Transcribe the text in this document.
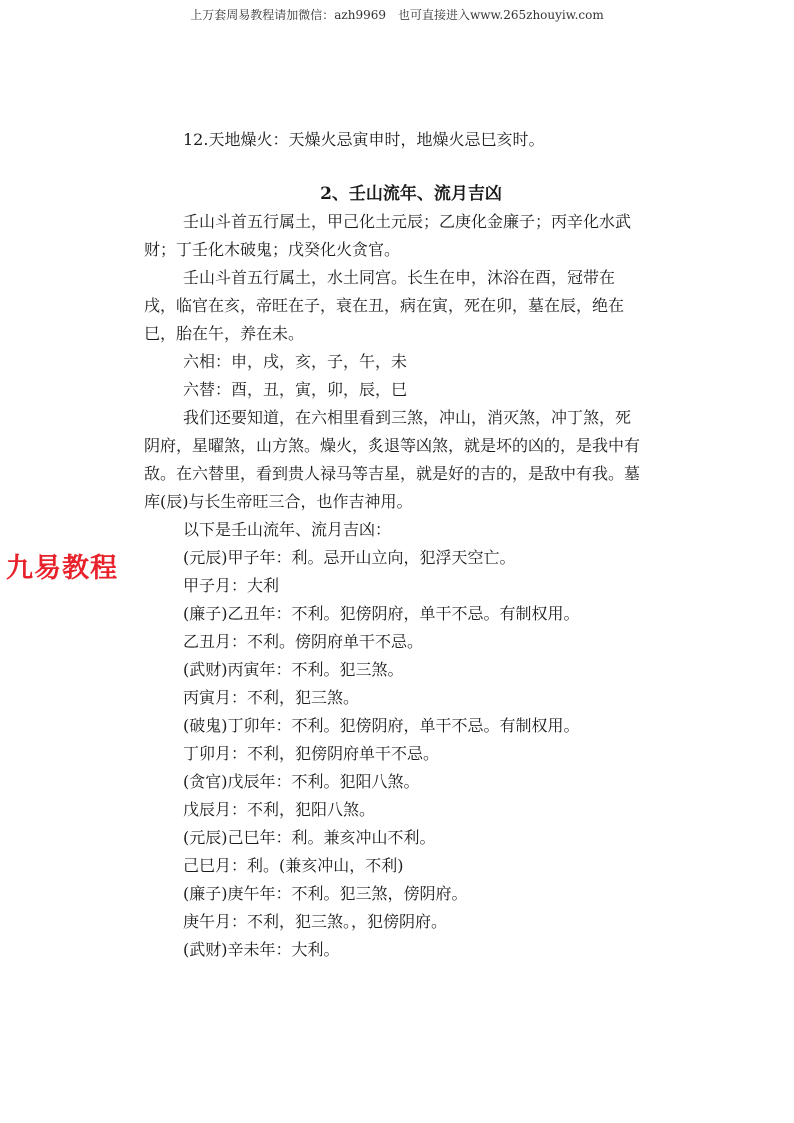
上万套周易教程请加微信：azh9969　也可直接进入www.265zhouyiw.com
九易教程
12.天地燥火：天燥火忌寅申时，地燥火忌巳亥时。
2、壬山流年、流月吉凶

壬山斗首五行属土，甲己化土元辰；乙庚化金廉子；丙辛化水武财；丁壬化木破鬼；戊癸化火贪官。

壬山斗首五行属土，水土同宫。长生在申，沐浴在酉，冠带在戌，临官在亥，帝旺在子，衰在丑，病在寅，死在卯，墓在辰，绝在巳，胎在午，养在未。

六相：申，戌，亥，子，午，未

六替：酉，丑，寅，卯，辰，巳

我们还要知道，在六相里看到三煞，冲山，消灭煞，冲丁煞，死阴府，星曜煞，山方煞。燥火，炙退等凶煞，就是坏的凶的，是我中有敌。在六替里，看到贵人禄马等吉星，就是好的吉的，是敌中有我。墓库(辰)与长生帝旺三合，也作吉神用。

以下是壬山流年、流月吉凶：

(元辰)甲子年：利。忌开山立向，犯浮天空亡。

甲子月：大利

(廉子)乙丑年：不利。犯傍阴府，单干不忌。有制权用。

乙丑月：不利。傍阴府单干不忌。

(武财)丙寅年：不利。犯三煞。

丙寅月：不利，犯三煞。

(破鬼)丁卯年：不利。犯傍阴府，单干不忌。有制权用。

丁卯月：不利，犯傍阴府单干不忌。

(贪官)戊辰年：不利。犯阳八煞。

戊辰月：不利，犯阳八煞。

(元辰)己巳年：利。兼亥冲山不利。

己巳月：利。(兼亥冲山，不利)

(廉子)庚午年：不利。犯三煞，傍阴府。

庚午月：不利，犯三煞。，犯傍阴府。

(武财)辛未年：大利。
